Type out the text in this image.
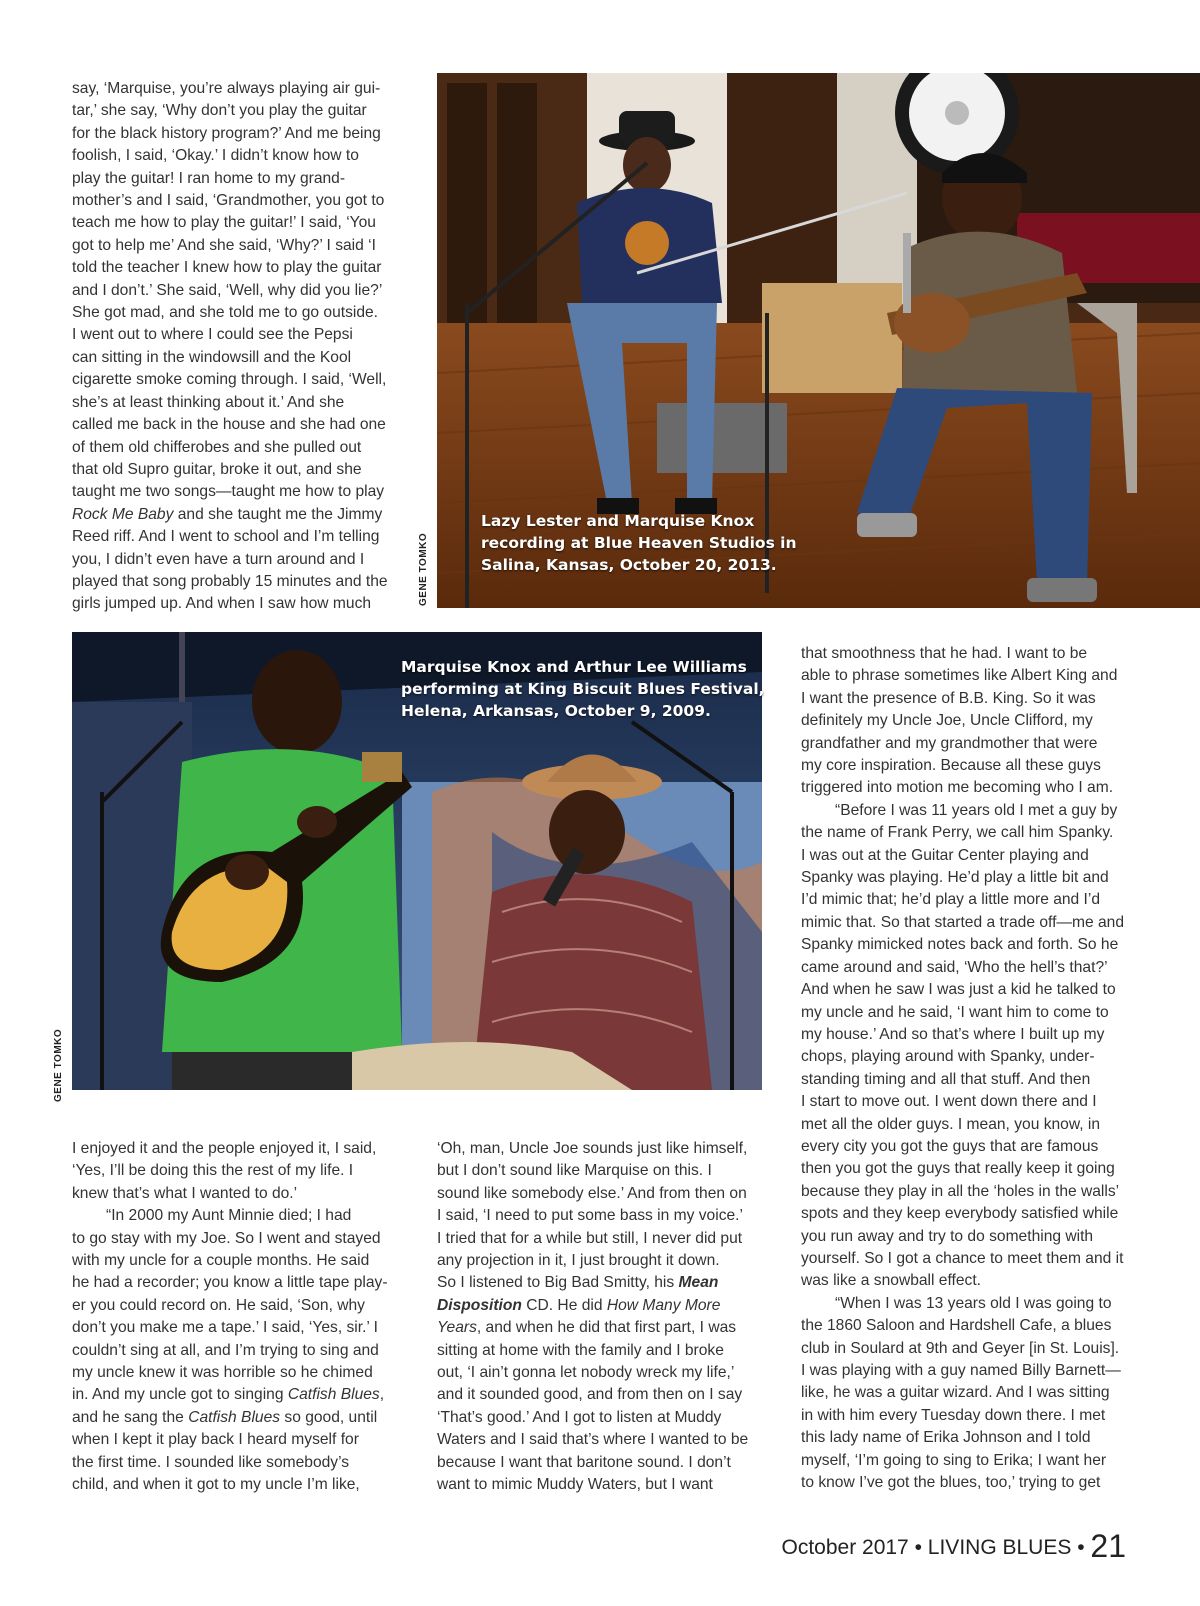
say, ‘Marquise, you’re always playing air gui-

tar,’ she say, ‘Why don’t you play the guitar

for the black history program?’ And me being

foolish, I said, ‘Okay.’ I didn’t know how to

play the guitar! I ran home to my grand-

mother’s and I said, ‘Grandmother, you got to

teach me how to play the guitar!’ I said, ‘You

got to help me’ And she said, ‘Why?’ I said ‘I

told the teacher I knew how to play the guitar

and I don’t.’ She said, ‘Well, why did you lie?’

She got mad, and she told me to go outside.

I went out to where I could see the Pepsi

can sitting in the windowsill and the Kool

cigarette smoke coming through. I said, ‘Well,

she’s at least thinking about it.’ And she

called me back in the house and she had one

of them old chifferobes and she pulled out

that old Supro guitar, broke it out, and she

taught me two songs—taught me how to play

Rock Me Baby and she taught me the Jimmy

Reed riff. And I went to school and I’m telling

you, I didn’t even have a turn around and I

played that song probably 15 minutes and the

girls jumped up. And when I saw how much

Lazy Lester and Marquise Knox
recording at Blue Heaven Studios in
Salina, Kansas, October 20, 2013.
GENE TOMKO
Marquise Knox and Arthur Lee Williams
performing at King Biscuit Blues Festival,
Helena, Arkansas, October 9, 2009.
GENE TOMKO

that smoothness that he had. I want to be

able to phrase sometimes like Albert King and

I want the presence of B.B. King. So it was

definitely my Uncle Joe, Uncle Clifford, my

grandfather and my grandmother that were

my core inspiration. Because all these guys

triggered into motion me becoming who I am.

“Before I was 11 years old I met a guy by

the name of Frank Perry, we call him Spanky.

I was out at the Guitar Center playing and

Spanky was playing. He’d play a little bit and

I’d mimic that; he’d play a little more and I’d

mimic that. So that started a trade off—me and

Spanky mimicked notes back and forth. So he

came around and said, ‘Who the hell’s that?’

And when he saw I was just a kid he talked to

my uncle and he said, ‘I want him to come to

my house.’ And so that’s where I built up my

chops, playing around with Spanky, under-

standing timing and all that stuff. And then

I start to move out. I went down there and I

met all the older guys. I mean, you know, in

every city you got the guys that are famous

then you got the guys that really keep it going

because they play in all the ‘holes in the walls’

spots and they keep everybody satisfied while

you run away and try to do something with

yourself. So I got a chance to meet them and it

was like a snowball effect.

“When I was 13 years old I was going to

the 1860 Saloon and Hardshell Cafe, a blues

club in Soulard at 9th and Geyer [in St. Louis].

I was playing with a guy named Billy Barnett—

like, he was a guitar wizard. And I was sitting

in with him every Tuesday down there. I met

this lady name of Erika Johnson and I told

myself, ‘I’m going to sing to Erika; I want her

to know I’ve got the blues, too,’ trying to get

I enjoyed it and the people enjoyed it, I said,

‘Yes, I’ll be doing this the rest of my life. I

knew that’s what I wanted to do.’

“In 2000 my Aunt Minnie died; I had

to go stay with my Joe. So I went and stayed

with my uncle for a couple months. He said

he had a recorder; you know a little tape play-

er you could record on. He said, ‘Son, why

don’t you make me a tape.’ I said, ‘Yes, sir.’ I

couldn’t sing at all, and I’m trying to sing and

my uncle knew it was horrible so he chimed

in. And my uncle got to singing Catfish Blues,

and he sang the Catfish Blues so good, until

when I kept it play back I heard myself for

the first time. I sounded like somebody’s

child, and when it got to my uncle I’m like,

‘Oh, man, Uncle Joe sounds just like himself,

but I don’t sound like Marquise on this. I

sound like somebody else.’ And from then on

I said, ‘I need to put some bass in my voice.’

I tried that for a while but still, I never did put

any projection in it, I just brought it down.

So I listened to Big Bad Smitty, his Mean

Disposition CD. He did How Many More

Years, and when he did that first part, I was

sitting at home with the family and I broke

out, ‘I ain’t gonna let nobody wreck my life,’

and it sounded good, and from then on I say

‘That’s good.’ And I got to listen at Muddy

Waters and I said that’s where I wanted to be

because I want that baritone sound. I don’t

want to mimic Muddy Waters, but I want

October 2017 • LIVING BLUES • 21
